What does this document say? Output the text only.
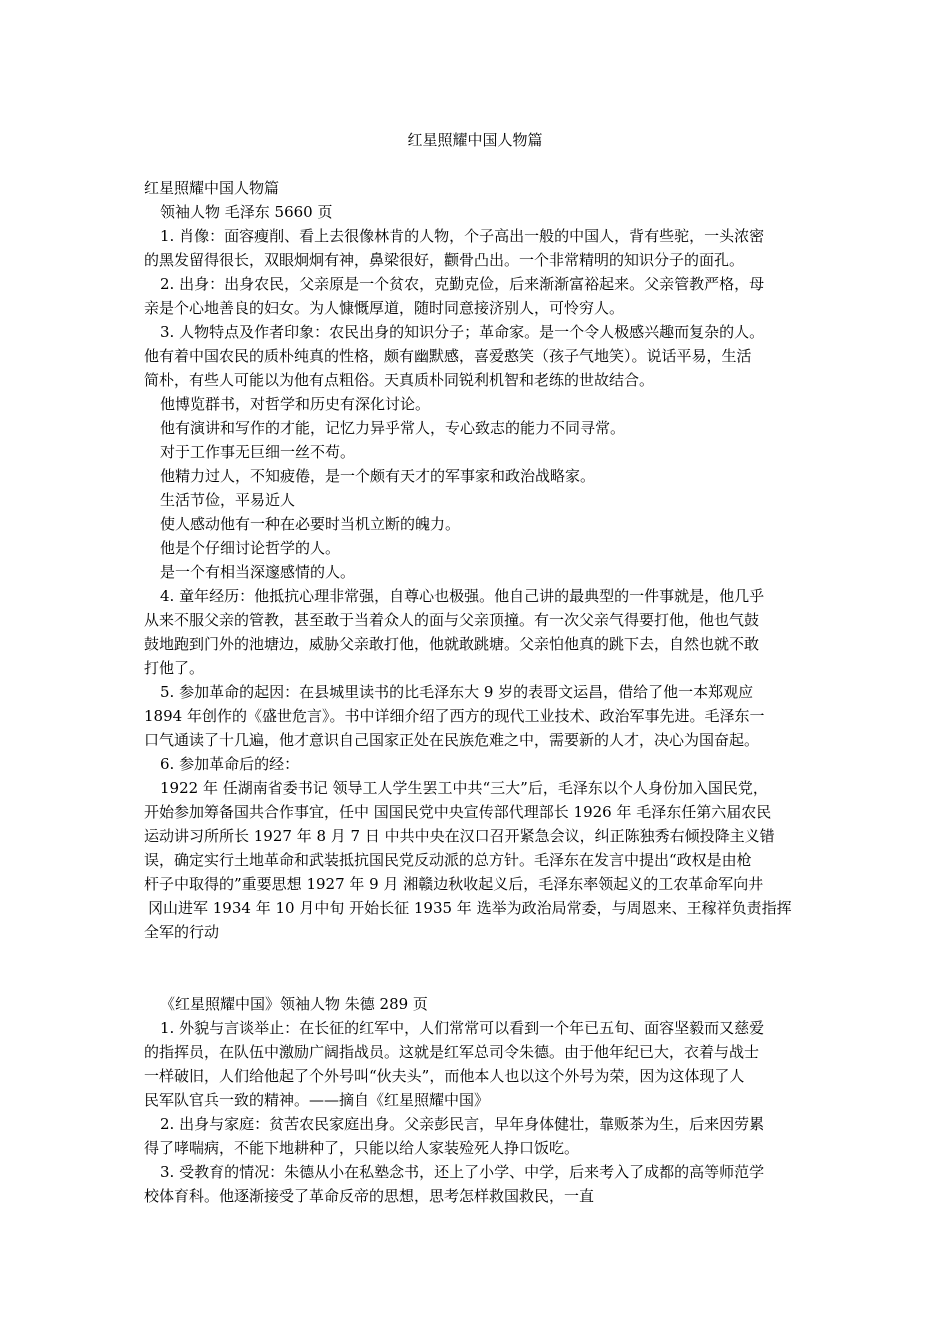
红星照耀中国人物篇

红星照耀中国人物篇

领袖人物 毛泽东 5660 页

1. 肖像：面容瘦削、看上去很像林肯的人物，个子高出一般的中国人，背有些驼，一头浓密

的黑发留得很长，双眼炯炯有神，鼻梁很好，颧骨凸出。一个非常精明的知识分子的面孔。

2. 出身：出身农民，父亲原是一个贫农，克勤克俭，后来渐渐富裕起来。父亲管教严格，母

亲是个心地善良的妇女。为人慷慨厚道，随时同意接济别人，可怜穷人。

3. 人物特点及作者印象：农民出身的知识分子；革命家。是一个令人极感兴趣而复杂的人。

他有着中国农民的质朴纯真的性格，颇有幽默感，喜爱憨笑（孩子气地笑）。说话平易，生活

简朴，有些人可能以为他有点粗俗。天真质朴同锐利机智和老练的世故结合。

他博览群书，对哲学和历史有深化讨论。

他有演讲和写作的才能，记忆力异乎常人，专心致志的能力不同寻常。

对于工作事无巨细一丝不苟。

他精力过人，不知疲倦，是一个颇有天才的军事家和政治战略家。

生活节俭，平易近人

使人感动他有一种在必要时当机立断的魄力。

他是个仔细讨论哲学的人。

是一个有相当深邃感情的人。

4. 童年经历：他抵抗心理非常强，自尊心也极强。他自己讲的最典型的一件事就是，他几乎

从来不服父亲的管教，甚至敢于当着众人的面与父亲顶撞。有一次父亲气得要打他，他也气鼓

鼓地跑到门外的池塘边，威胁父亲敢打他，他就敢跳塘。父亲怕他真的跳下去，自然也就不敢

打他了。

5. 参加革命的起因：在县城里读书的比毛泽东大 9 岁的表哥文运昌，借给了他一本郑观应

1894 年创作的《盛世危言》。书中详细介绍了西方的现代工业技术、政治军事先进。毛泽东一

口气通读了十几遍，他才意识自己国家正处在民族危难之中，需要新的人才，决心为国奋起。

6. 参加革命后的经：

1922 年 任湖南省委书记 领导工人学生罢工中共“三大”后，毛泽东以个人身份加入国民党，

开始参加筹备国共合作事宜，任中 国国民党中央宣传部代理部长 1926 年 毛泽东任第六届农民

运动讲习所所长 1927 年 8 月 7 日 中共中央在汉口召开紧急会议，纠正陈独秀右倾投降主义错

误，确定实行土地革命和武装抵抗国民党反动派的总方针。毛泽东在发言中提出“政权是由枪

杆子中取得的”重要思想 1927 年 9 月 湘赣边秋收起义后，毛泽东率领起义的工农革命军向井

冈山进军 1934 年 10 月中旬 开始长征 1935 年 选举为政治局常委，与周恩来、王稼祥负责指挥

全军的行动

《红星照耀中国》领袖人物 朱德 289 页

1. 外貌与言谈举止：在长征的红军中，人们常常可以看到一个年已五旬、面容坚毅而又慈爱

的指挥员，在队伍中激励广阔指战员。这就是红军总司令朱德。由于他年纪已大，衣着与战士

一样破旧，人们给他起了个外号叫“伙夫头”，而他本人也以这个外号为荣，因为这体现了人

民军队官兵一致的精神。——摘自《红星照耀中国》

2. 出身与家庭：贫苦农民家庭出身。父亲彭民言，早年身体健壮，靠贩茶为生，后来因劳累

得了哮喘病，不能下地耕种了，只能以给人家装殓死人挣口饭吃。

3. 受教育的情况：朱德从小在私塾念书，还上了小学、中学，后来考入了成都的高等师范学

校体育科。他逐渐接受了革命反帝的思想，思考怎样救国救民，一直
